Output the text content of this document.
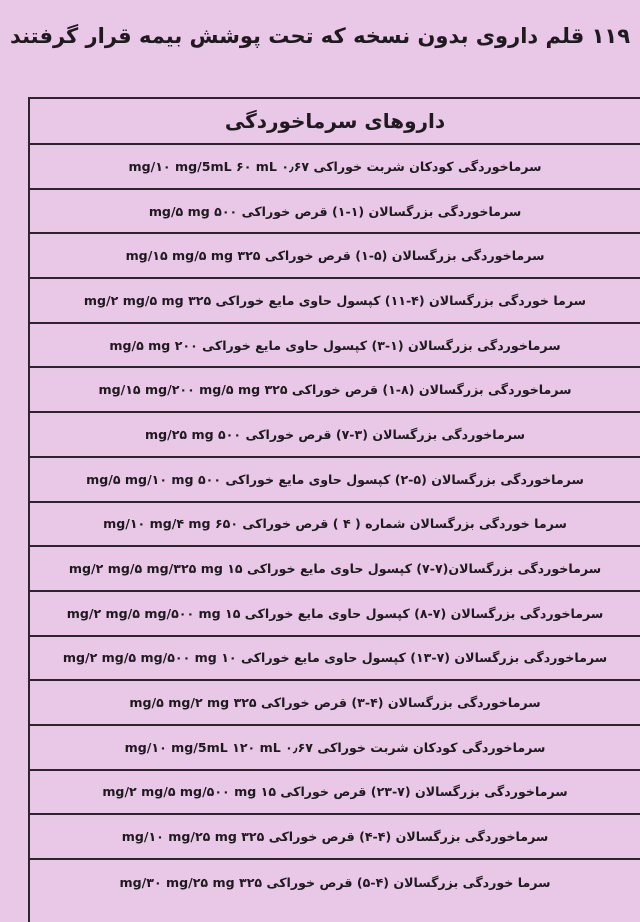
۱۱۹ قلم داروی بدون نسخه که تحت پوشش بیمه قرار گرفتند
داروهای سرماخوردگی
سرماخوردگی کودکان شربت خوراکی ۰٫۶۷ mg/۱۰ mg/5mL ۶۰ mL
سرماخوردگی بزرگسالان (۱-۱) قرص خوراکی ۵۰۰ mg/۵ mg
سرماخوردگی بزرگسالان (۵-۱) قرص خوراکی ۳۲۵ mg/۱۵ mg/۵ mg
سرما خوردگی بزرگسالان (۴-۱۱) کپسول حاوی مایع خوراکی ۳۲۵ mg/۲ mg/۵ mg
سرماخوردگی بزرگسالان (۱-۳) کپسول حاوی مایع خوراکی ۲۰۰ mg/۵ mg
سرماخوردگی بزرگسالان (۸-۱) قرص خوراکی ۳۲۵ mg/۱۵ mg/۲۰۰ mg/۵ mg
سرماخوردگی بزرگسالان (۳-۷) قرص خوراکی ۵۰۰ mg/۲۵ mg
سرماخوردگی بزرگسالان (۵-۲) کپسول حاوی مایع خوراکی ۵۰۰ mg/۵ mg/۱۰ mg
سرما خوردگی بزرگسالان شماره ( ۴ ) قرص خوراکی ۶۵۰ mg/۱۰ mg/۴ mg
سرماخوردگی بزرگسالان(۷-۷) کپسول حاوی مایع خوراکی ۱۵ mg/۲ mg/۵ mg/۳۲۵ mg
سرماخوردگی بزرگسالان (۷-۸) کپسول حاوی مایع خوراکی ۱۵ mg/۲ mg/۵ mg/۵۰۰ mg
سرماخوردگی بزرگسالان (۷-۱۳) کپسول حاوی مایع خوراکی ۱۰ mg/۲ mg/۵ mg/۵۰۰ mg
سرماخوردگی بزرگسالان (۴-۳) قرص خوراکی ۳۲۵ mg/۵ mg/۲ mg
سرماخوردگی کودکان شربت خوراکی ۰٫۶۷ mg/۱۰ mg/5mL ۱۲۰ mL
سرماخوردگی بزرگسالان (۷-۲۳) قرص خوراکی ۱۵ mg/۲ mg/۵ mg/۵۰۰ mg
سرماخوردگی بزرگسالان (۴-۴) قرص خوراکی ۳۲۵ mg/۱۰ mg/۲۵ mg
سرما خوردگی بزرگسالان (۴-۵) قرص خوراکی ۳۲۵ mg/۳۰ mg/۲۵ mg
